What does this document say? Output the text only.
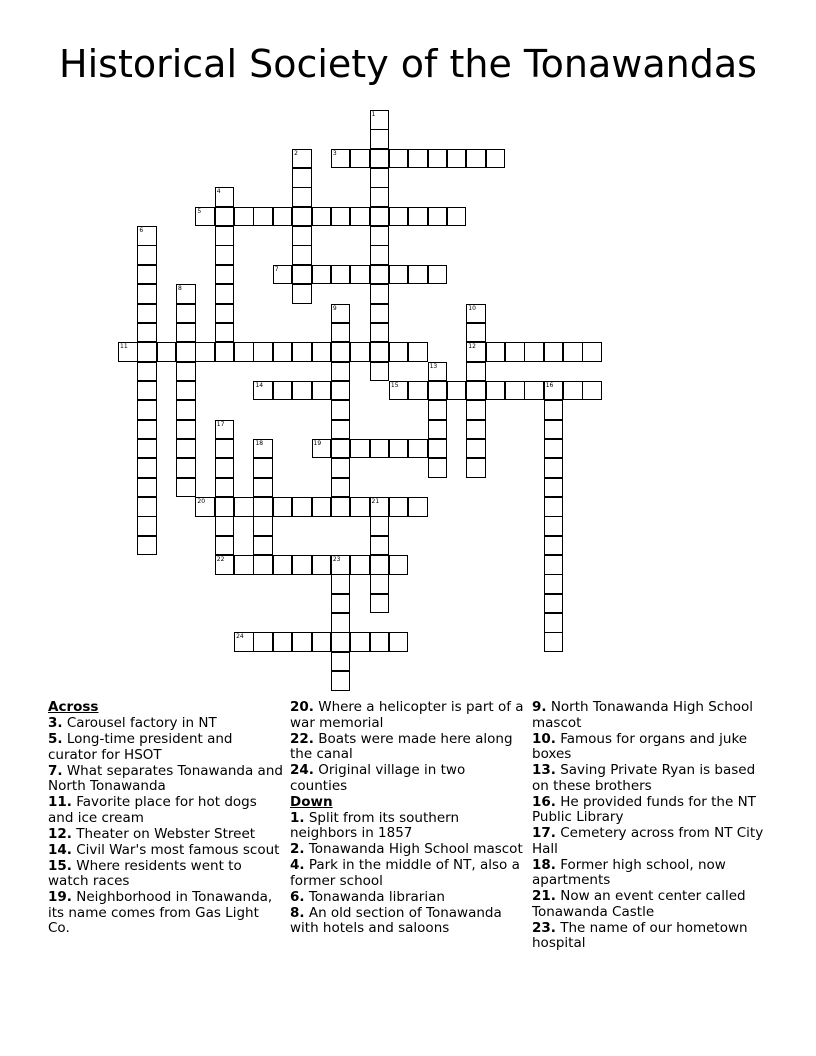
Historical Society of the Tonawandas
3
5
7
11	12
14	15	16
19
20	21
22	23
24
1
2
4
6
8
9	10
13
17
18

Across

3. Carousel factory in NT

5. Long-time president and curator for HSOT

7. What separates Tonawanda and North Tonawanda

11. Favorite place for hot dogs and ice cream

12. Theater on Webster Street

14. Civil War's most famous scout

15. Where residents went to watch races

19. Neighborhood in Tonawanda, its name comes from Gas Light Co.

20. Where a helicopter is part of a war memorial

22. Boats were made here along the canal

24. Original village in two counties

Down

1. Split from its southern neighbors in 1857

2. Tonawanda High School mascot

4. Park in the middle of NT, also a former school

6. Tonawanda librarian

8. An old section of Tonawanda with hotels and saloons

9. North Tonawanda High School mascot

10. Famous for organs and juke boxes

13. Saving Private Ryan is based on these brothers

16. He provided funds for the NT Public Library

17. Cemetery across from NT City Hall

18. Former high school, now apartments

21. Now an event center called Tonawanda Castle

23. The name of our hometown hospital
